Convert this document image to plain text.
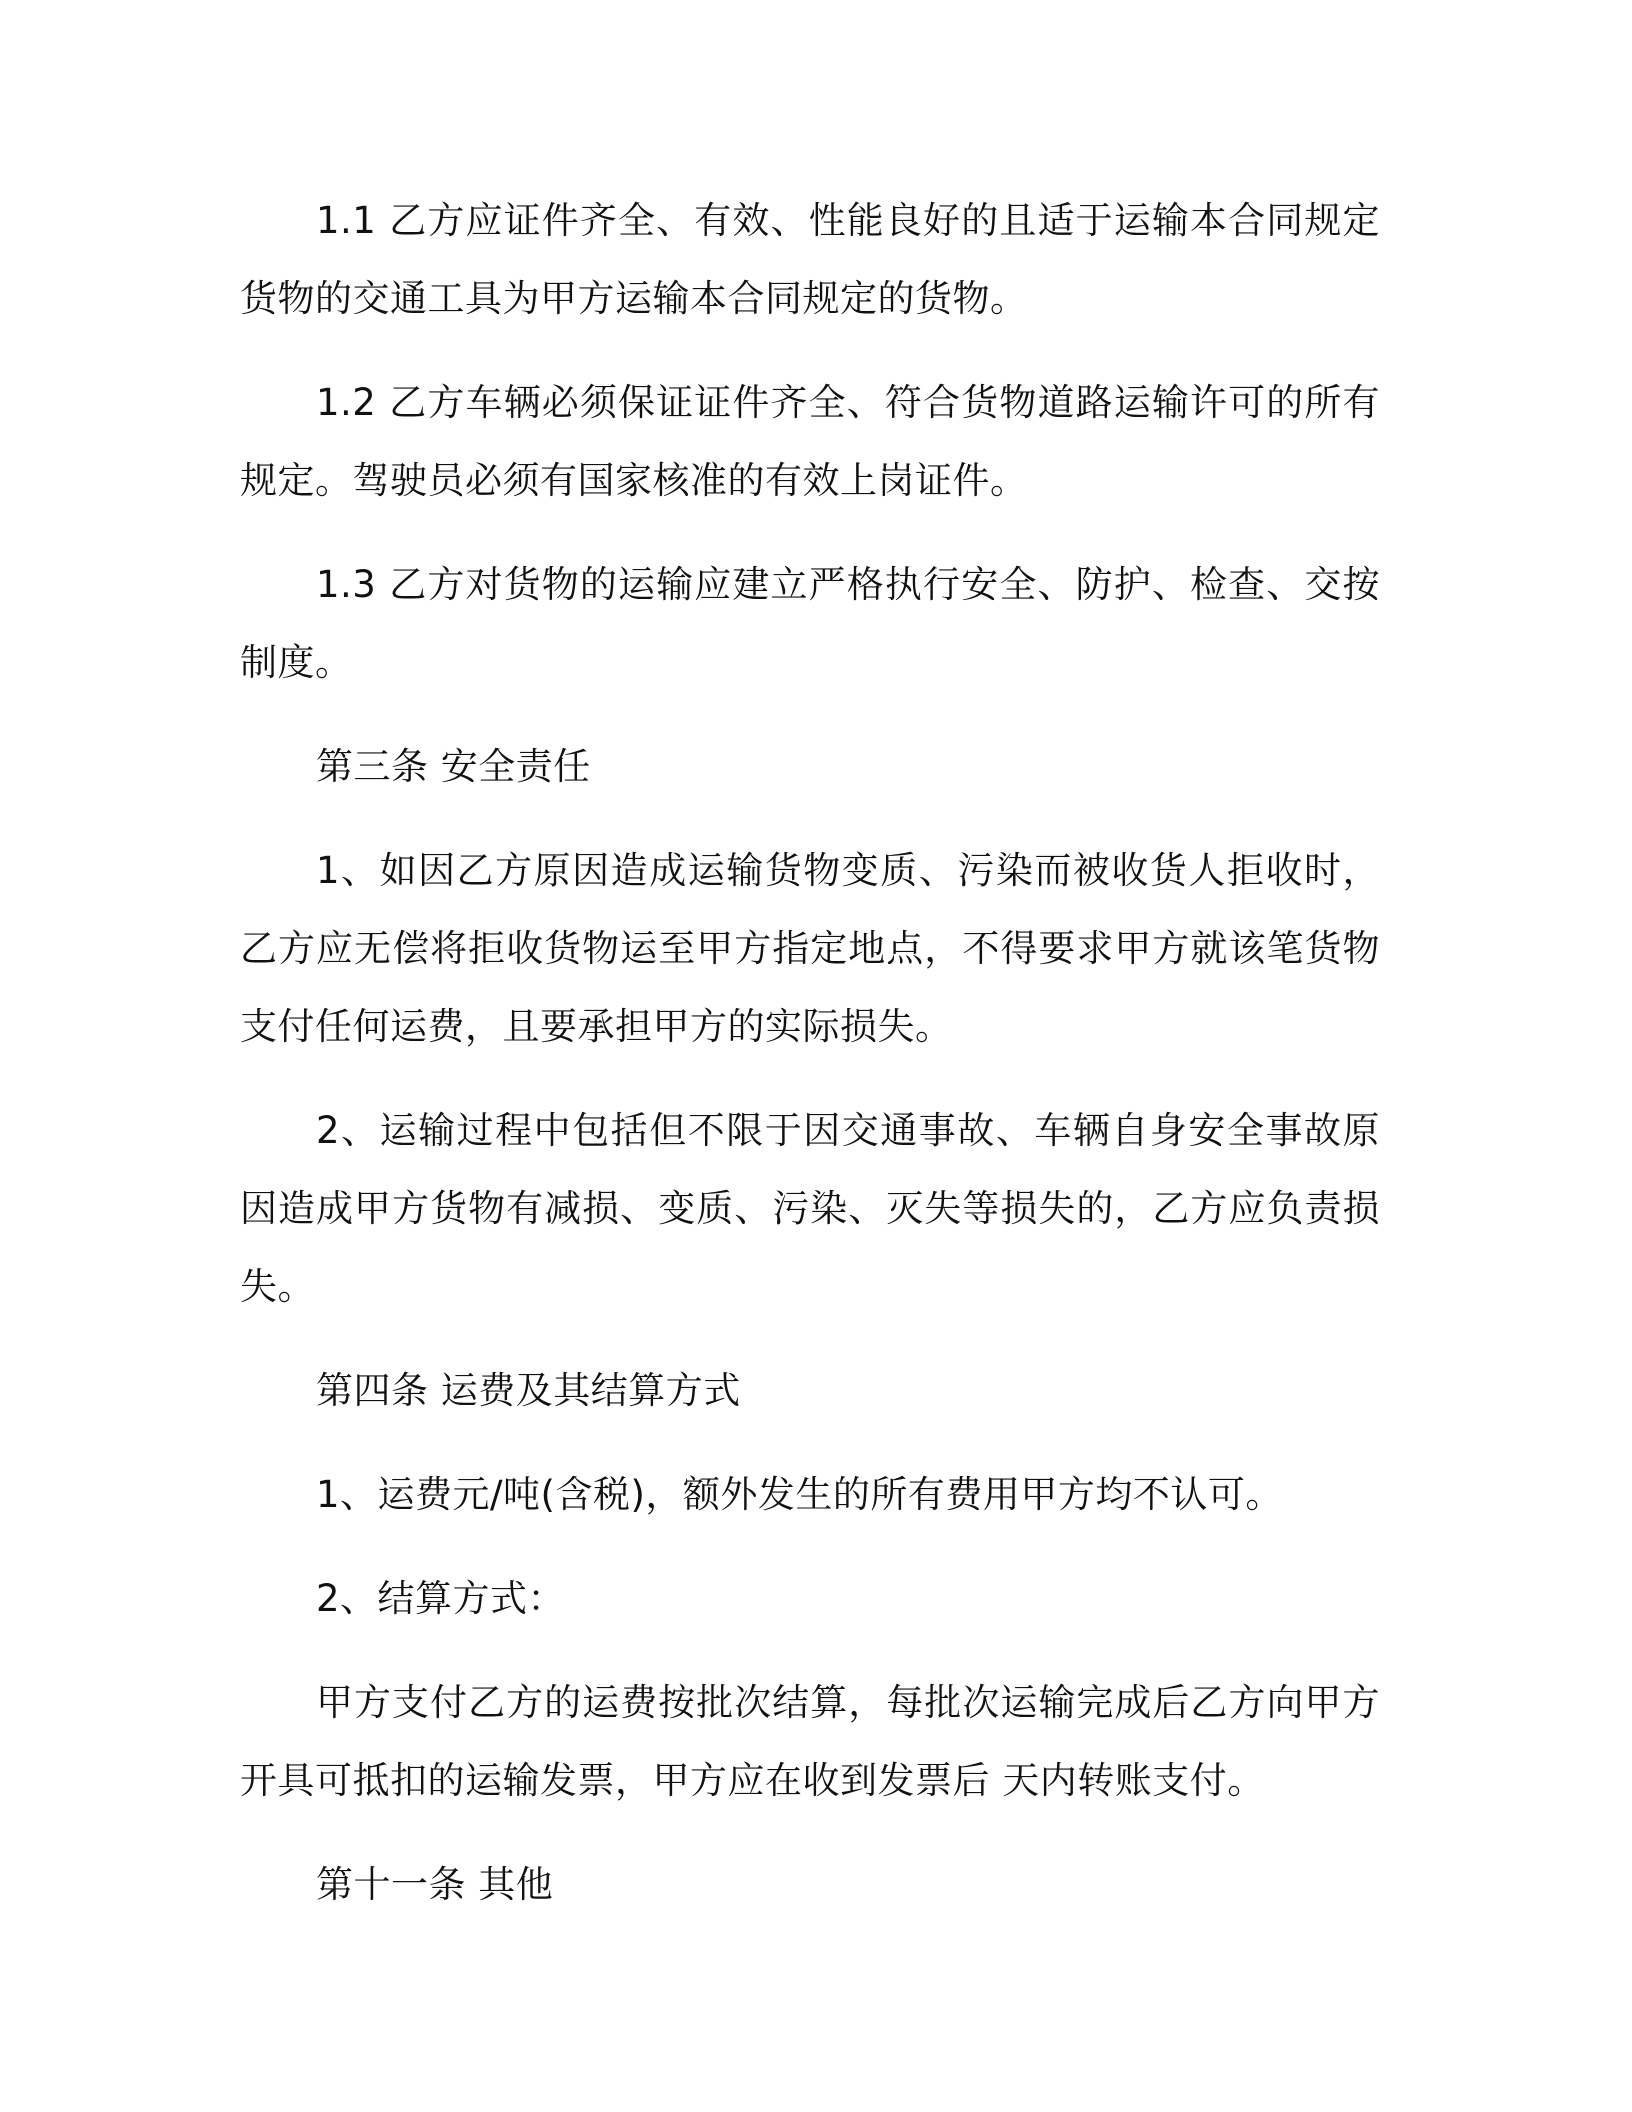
1.1 乙方应证件齐全、有效、性能良好的且适于运输本合同规定货物的交通工具为甲方运输本合同规定的货物。

1.2 乙方车辆必须保证证件齐全、符合货物道路运输许可的所有规定。驾驶员必须有国家核准的有效上岗证件。

1.3 乙方对货物的运输应建立严格执行安全、防护、检查、交按制度。

第三条 安全责任

1、如因乙方原因造成运输货物变质、污染而被收货人拒收时，乙方应无偿将拒收货物运至甲方指定地点，不得要求甲方就该笔货物支付任何运费，且要承担甲方的实际损失。

2、运输过程中包括但不限于因交通事故、车辆自身安全事故原因造成甲方货物有减损、变质、污染、灭失等损失的，乙方应负责损失。

第四条 运费及其结算方式

1、运费元/吨(含税)，额外发生的所有费用甲方均不认可。

2、结算方式：

甲方支付乙方的运费按批次结算，每批次运输完成后乙方向甲方开具可抵扣的运输发票，甲方应在收到发票后 天内转账支付。

第十一条 其他
